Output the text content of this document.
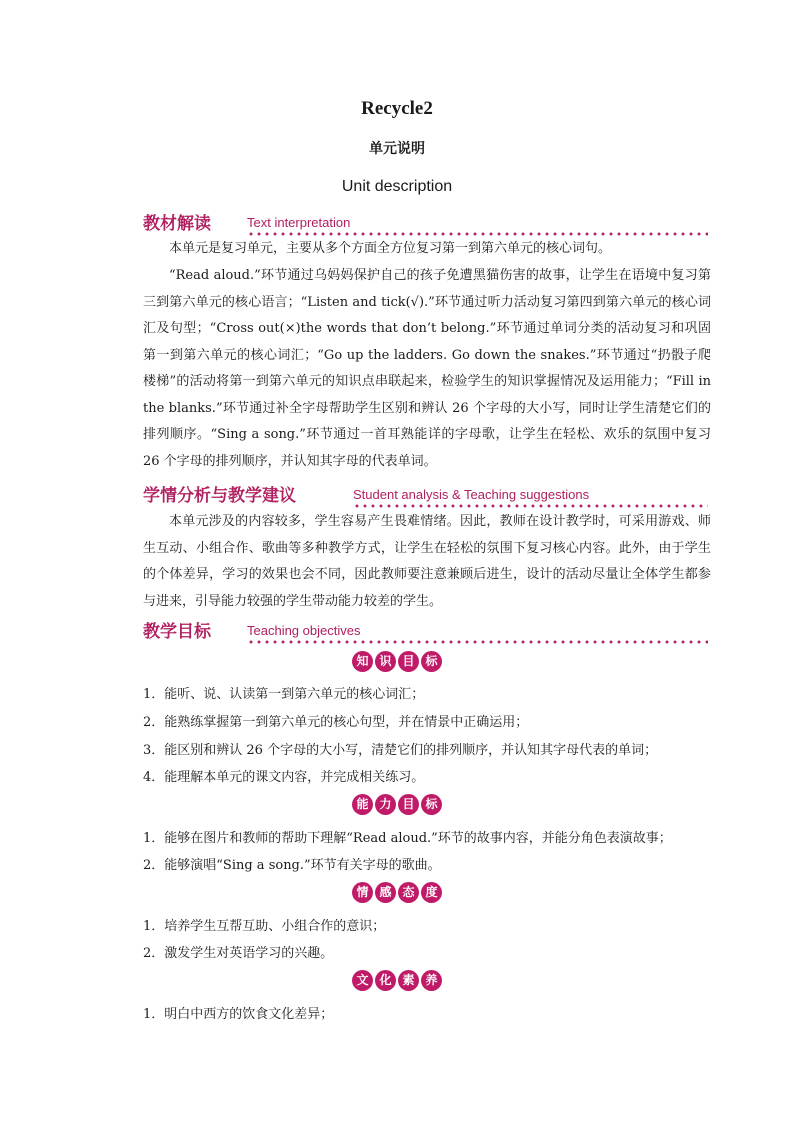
Recycle2
单元说明
Unit description
教材解读	Text interpretation

本单元是复习单元，主要从多个方面全方位复习第一到第六单元的核心词句。

“Read aloud.”环节通过乌妈妈保护自己的孩子免遭黑猫伤害的故事，让学生在语境中复习第三到第六单元的核心语言；“Listen and tick(√).”环节通过听力活动复习第四到第六单元的核心词汇及句型；“Cross out(×)the words that don’t belong.”环节通过单词分类的活动复习和巩固第一到第六单元的核心词汇；“Go up the ladders. Go down the snakes.”环节通过“扔骰子爬楼梯”的活动将第一到第六单元的知识点串联起来，检验学生的知识掌握情况及运用能力；“Fill in the blanks.”环节通过补全字母帮助学生区别和辨认 26 个字母的大小写，同时让学生清楚它们的排列顺序。“Sing a song.”环节通过一首耳熟能详的字母歌，让学生在轻松、欢乐的氛围中复习 26 个字母的排列顺序，并认知其字母的代表单词。

学情分析与教学建议	Student analysis & Teaching suggestions

本单元涉及的内容较多，学生容易产生畏难情绪。因此，教师在设计教学时，可采用游戏、师生互动、小组合作、歌曲等多种教学方式，让学生在轻松的氛围下复习核心内容。此外，由于学生的个体差异，学习的效果也会不同，因此教师要注意兼顾后进生，设计的活动尽量让全体学生都参与进来，引导能力较强的学生带动能力较差的学生。

教学目标	Teaching objectives
知 识 目 标

1．能听、说、认读第一到第六单元的核心词汇；

2．能熟练掌握第一到第六单元的核心句型，并在情景中正确运用；

3．能区别和辨认 26 个字母的大小写，清楚它们的排列顺序，并认知其字母代表的单词；

4．能理解本单元的课文内容，并完成相关练习。

能 力 目 标

1．能够在图片和教师的帮助下理解“Read aloud.”环节的故事内容，并能分角色表演故事；

2．能够演唱“Sing a song.”环节有关字母的歌曲。

情 感 态 度

1．培养学生互帮互助、小组合作的意识；

2．激发学生对英语学习的兴趣。

文 化 素 养

1．明白中西方的饮食文化差异；
